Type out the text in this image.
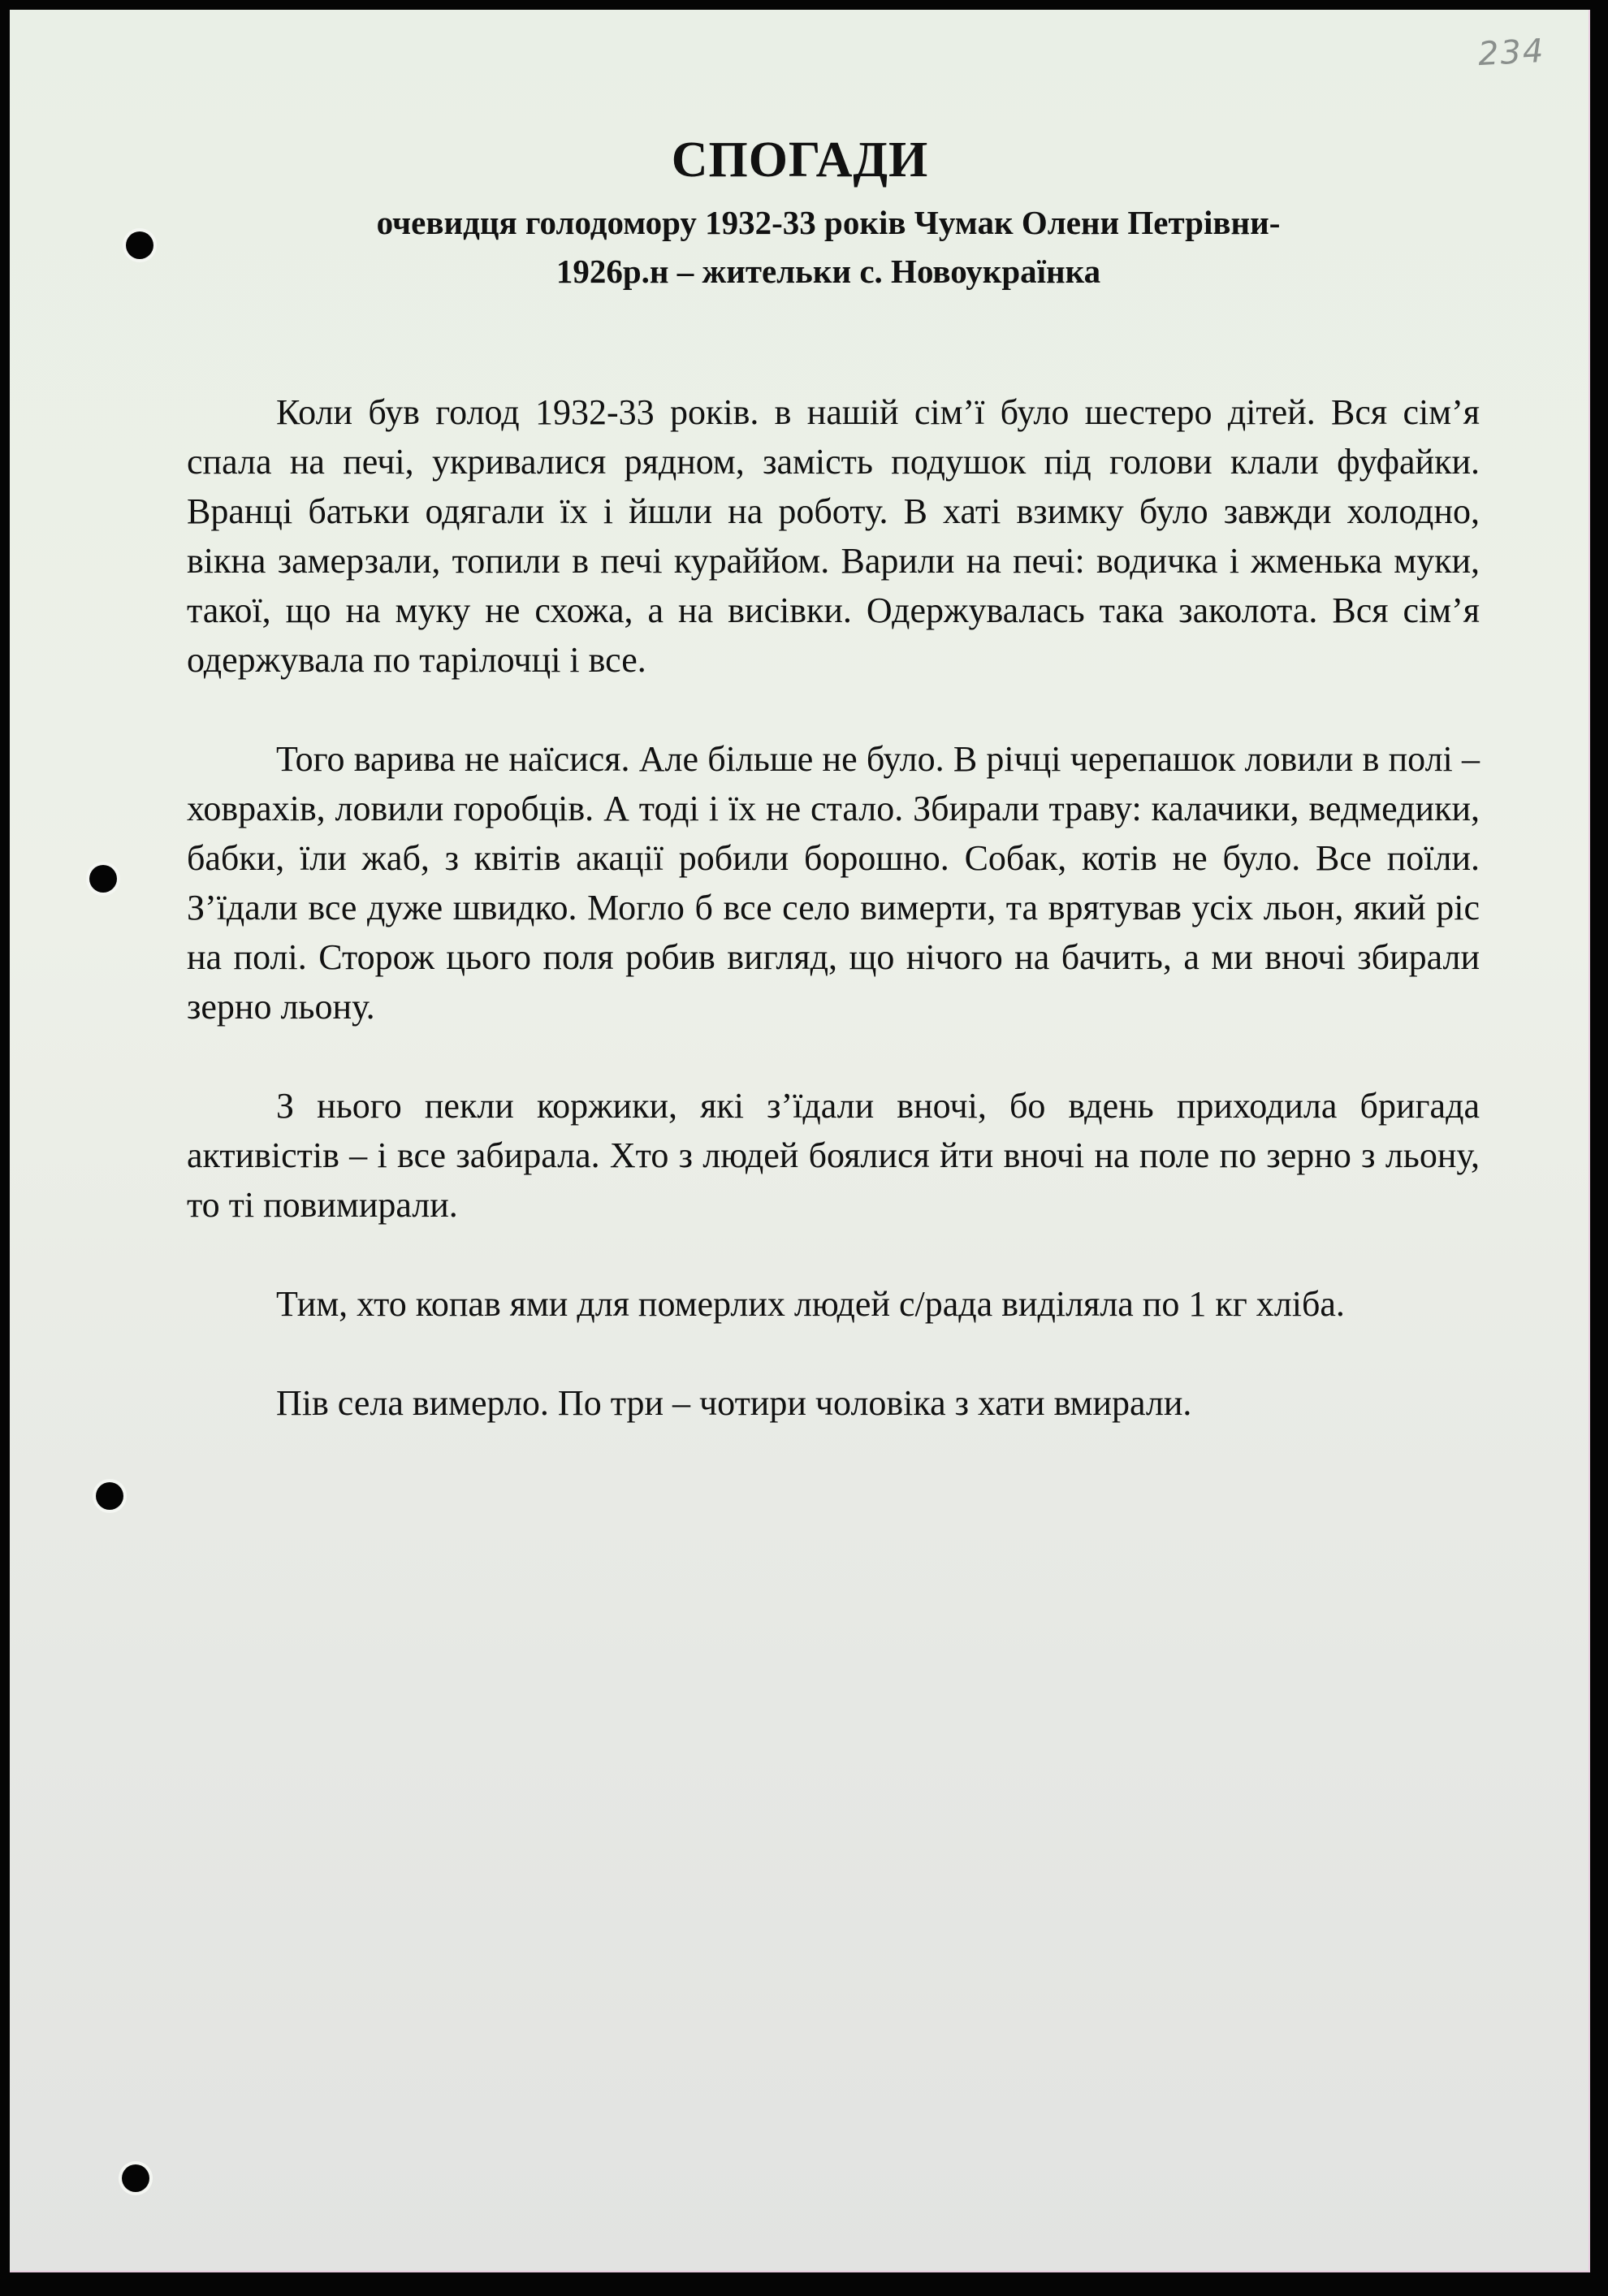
234
СПОГАДИ
очевидця голодомору 1932-33 років Чумак Олени Петрівни-
1926р.н – жительки с. Новоукраїнка

Коли був голод 1932-33 років. в нашій сім’ї було шестеро дітей. Вся сім’я спала на печі, укривалися рядном, замість подушок під голови клали фуфайки. Вранці батьки одягали їх і йшли на роботу. В хаті взимку було завжди холодно, вікна замерзали, топили в печі кураййом. Варили на печі: водичка і жменька муки, такої, що на муку не схожа, а на висівки. Одержувалась така заколота. Вся сім’я одержувала по тарілочці і все.

Того варива не наїсися. Але більше не було. В річці черепашок ловили в полі – ховрахів, ловили горобців. А тоді і їх не стало. Збирали траву: калачики, ведмедики, бабки, їли жаб, з квітів акації робили борошно. Собак, котів не було. Все поїли. З’їдали все дуже швидко. Могло б все село вимерти, та врятував усіх льон, який ріс на полі. Сторож цього поля робив вигляд, що нічого на бачить, а ми вночі збирали зерно льону.

З нього пекли коржики, які з’їдали вночі, бо вдень приходила бригада активістів – і все забирала. Хто з людей боялися йти вночі на поле по зерно з льону, то ті повимирали.

Тим, хто копав ями для померлих людей с/рада виділяла по 1 кг хліба.

Пів села вимерло. По три – чотири чоловіка з хати вмирали.
